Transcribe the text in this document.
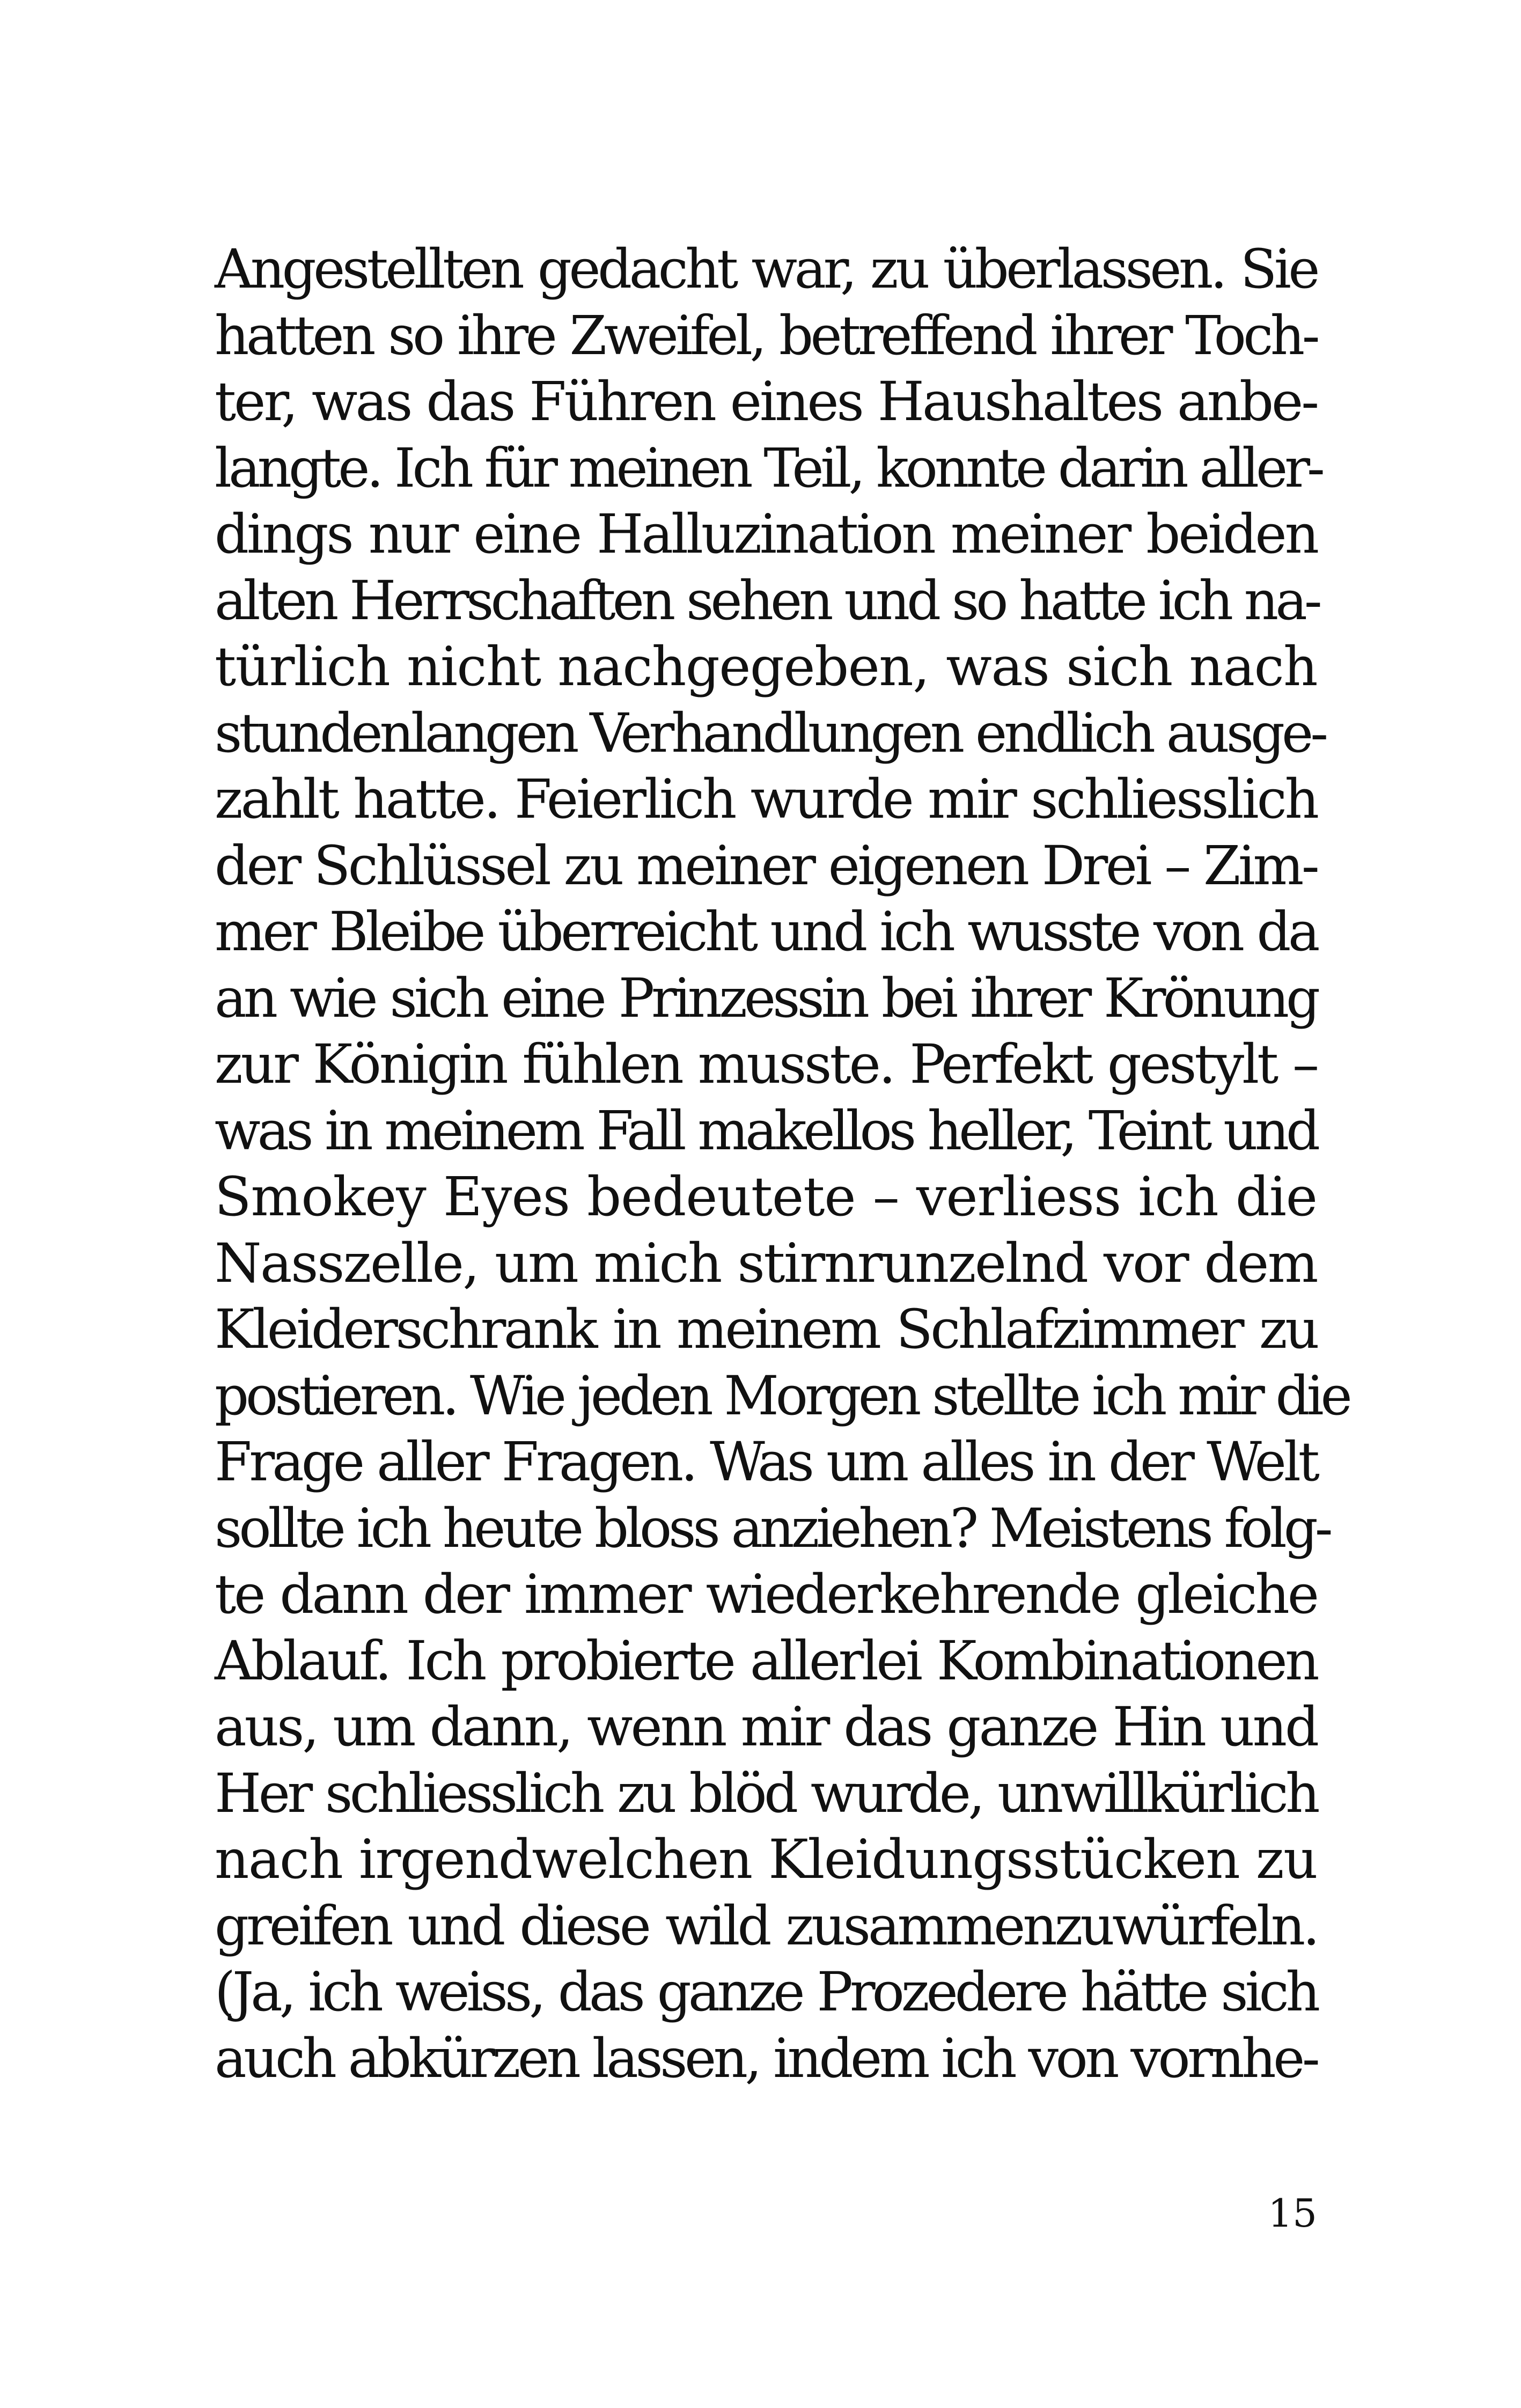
Angestellten gedacht war, zu überlassen. Sie
hatten so ihre Zweifel, betreffend ihrer Toch-
ter, was das Führen eines Haushaltes anbe-
langte. Ich für meinen Teil, konnte darin aller-
dings nur eine Halluzination meiner beiden
alten Herrschaften sehen und so hatte ich na-
türlich nicht nachgegeben, was sich nach
stundenlangen Verhandlungen endlich ausge-
zahlt hatte. Feierlich wurde mir schliesslich
der Schlüssel zu meiner eigenen Drei – Zim-
mer Bleibe überreicht und ich wusste von da
an wie sich eine Prinzessin bei ihrer Krönung
zur Königin fühlen musste. Perfekt gestylt –
was in meinem Fall makellos heller, Teint und
Smokey Eyes bedeutete – verliess ich die
Nasszelle, um mich stirnrunzelnd vor dem
Kleiderschrank in meinem Schlafzimmer zu
postieren. Wie jeden Morgen stellte ich mir die
Frage aller Fragen. Was um alles in der Welt
sollte ich heute bloss anziehen? Meistens folg-
te dann der immer wiederkehrende gleiche
Ablauf. Ich probierte allerlei Kombinationen
aus, um dann, wenn mir das ganze Hin und
Her schliesslich zu blöd wurde, unwillkürlich
nach irgendwelchen Kleidungsstücken zu
greifen und diese wild zusammenzuwürfeln.
(Ja, ich weiss, das ganze Prozedere hätte sich
auch abkürzen lassen, indem ich von vornhe-
15
